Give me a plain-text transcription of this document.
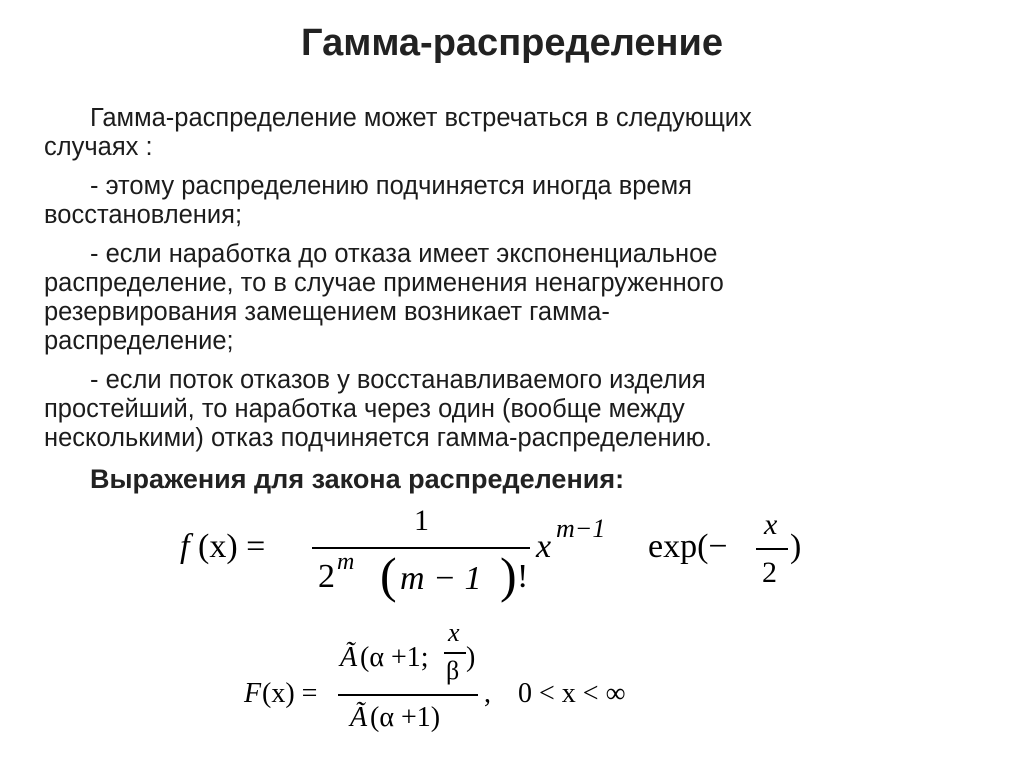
Гамма-распределение
Гамма-распределение может встречаться в следующих
случаях :
- этому распределению подчиняется иногда время
восстановления;
- если наработка до отказа имеет экспоненциальное
распределение, то в случае применения ненагруженного
резервирования замещением возникает гамма-
распределение;
- если поток отказов у восстанавливаемого изделия
простейший, то наработка через один (вообще между
несколькими) отказ подчиняется гамма-распределению.
Выражения для закона распределения:
f (x) =
1
2 m ( m − 1 ) !
x m−1 exp(−
x
2
)
F (x) =
Ã (α +1;
x
β )
Ã (α +1)
, 0 < x < ∞
